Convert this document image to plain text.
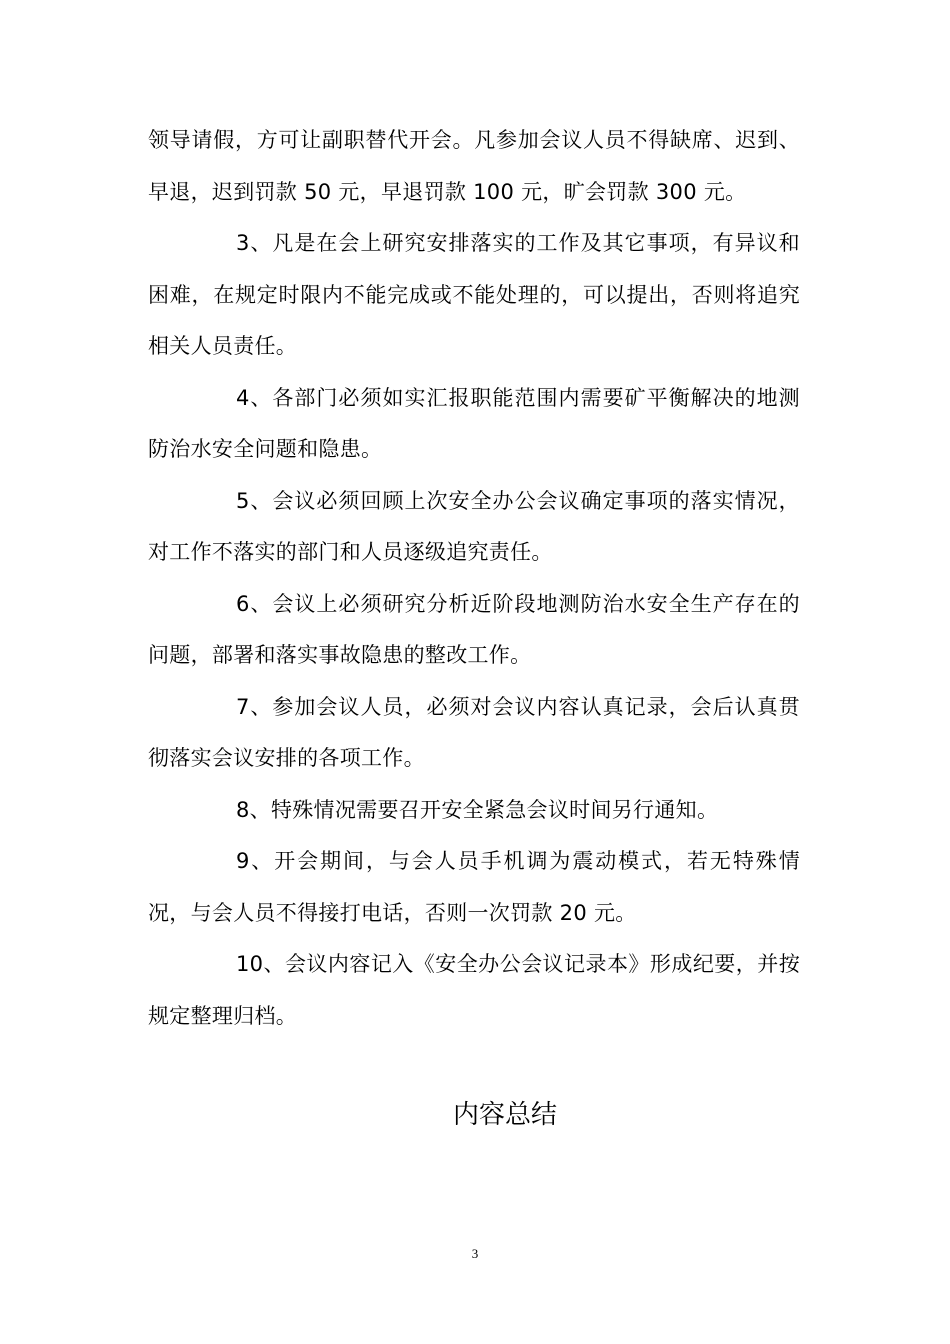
领导请假，方可让副职替代开会。凡参加会议人员不得缺席、迟到、早退，迟到罚款 50 元，早退罚款 100 元，旷会罚款 300 元。

3、凡是在会上研究安排落实的工作及其它事项，有异议和困难，在规定时限内不能完成或不能处理的，可以提出，否则将追究相关人员责任。

4、各部门必须如实汇报职能范围内需要矿平衡解决的地测防治水安全问题和隐患。

5、会议必须回顾上次安全办公会议确定事项的落实情况，对工作不落实的部门和人员逐级追究责任。

6、会议上必须研究分析近阶段地测防治水安全生产存在的问题，部署和落实事故隐患的整改工作。

7、参加会议人员，必须对会议内容认真记录，会后认真贯彻落实会议安排的各项工作。

8、特殊情况需要召开安全紧急会议时间另行通知。

9、开会期间，与会人员手机调为震动模式，若无特殊情况，与会人员不得接打电话，否则一次罚款 20 元。

10、会议内容记入《安全办公会议记录本》形成纪要，并按规定整理归档。

内容总结
3
